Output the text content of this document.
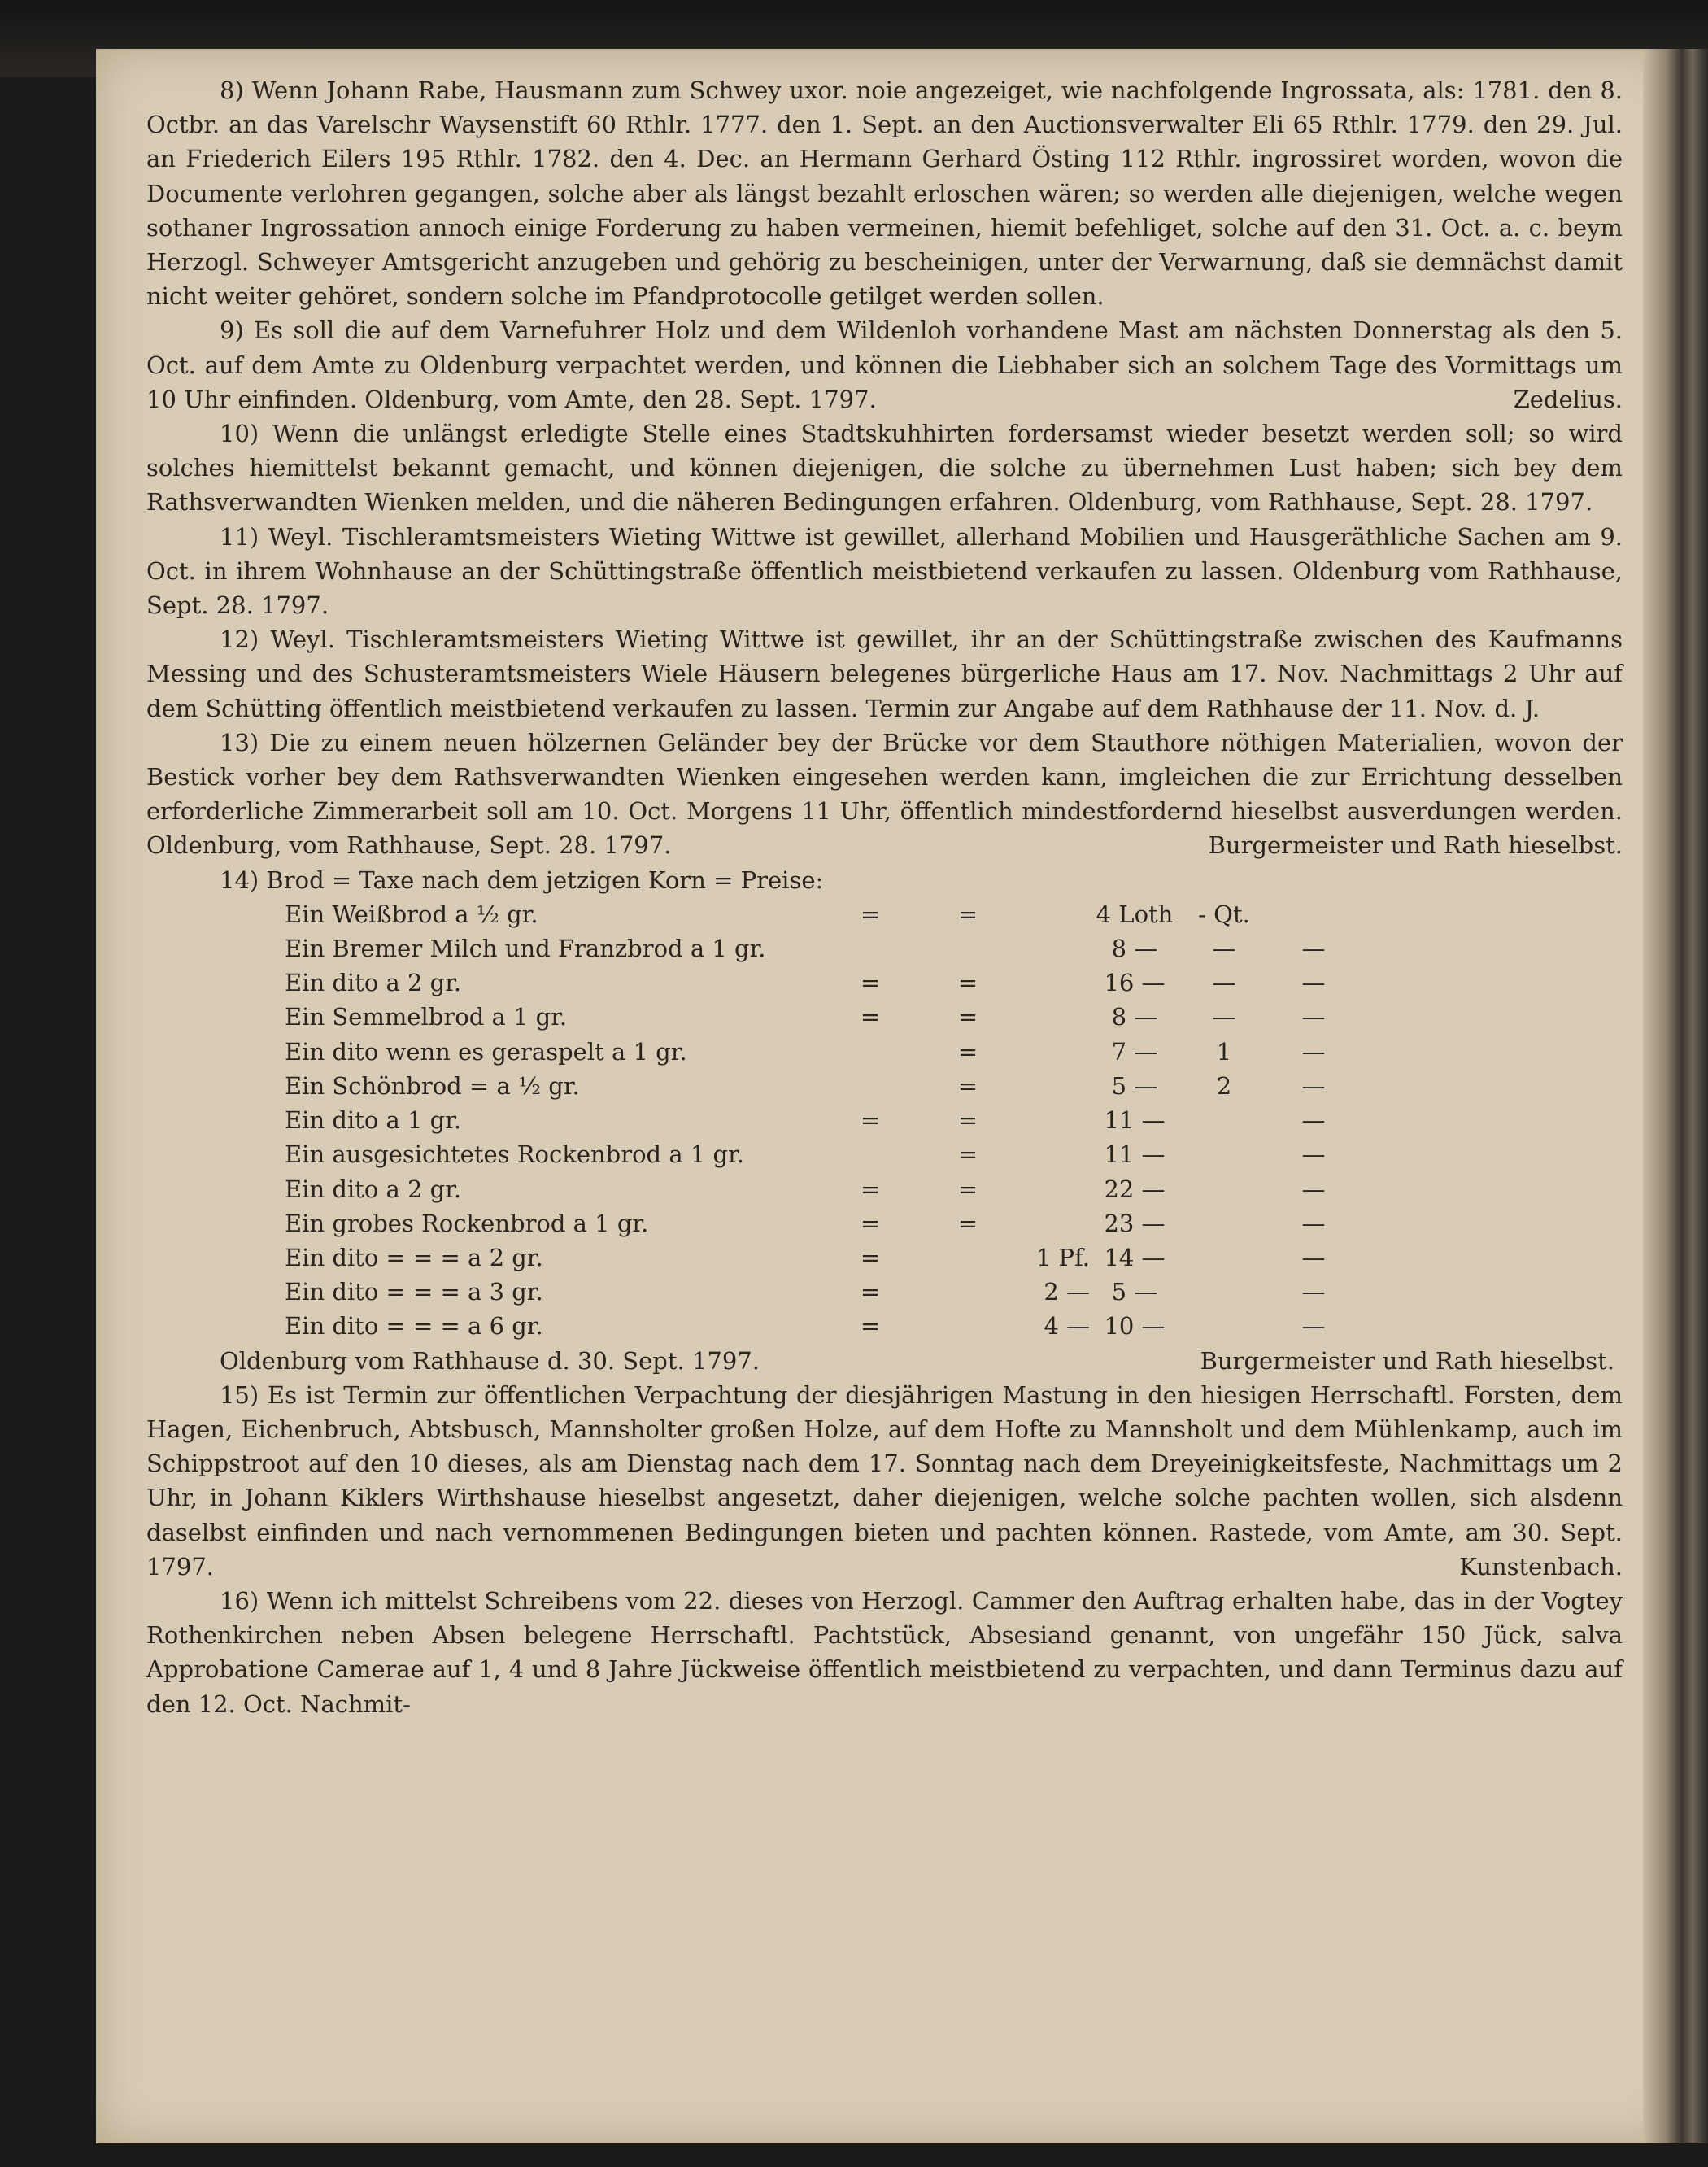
8) Wenn Johann Rabe, Hausmann zum Schwey uxor. noie angezeiget, wie nachfolgende Ingrossata, als: 1781. den 8. Octbr. an das Varelschr Waysenstift 60 Rthlr. 1777. den 1. Sept. an den Auctionsverwalter Eli 65 Rthlr. 1779. den 29. Jul. an Friederich Eilers 195 Rthlr. 1782. den 4. Dec. an Hermann Gerhard Östing 112 Rthlr. ingrossiret worden, wovon die Documente verlohren gegangen, solche aber als längst bezahlt erloschen wären; so werden alle diejenigen, welche wegen sothaner Ingrossation annoch einige Forderung zu haben vermeinen, hiemit befehliget, solche auf den 31. Oct. a. c. beym Herzogl. Schweyer Amtsgericht anzugeben und gehörig zu bescheinigen, unter der Verwarnung, daß sie demnächst damit nicht weiter gehöret, sondern solche im Pfandprotocolle getilget werden sollen.

9) Es soll die auf dem Varnefuhrer Holz und dem Wildenloh vorhandene Mast am nächsten Donnerstag als den 5. Oct. auf dem Amte zu Oldenburg verpachtet werden, und können die Liebhaber sich an solchem Tage des Vormittags um 10 Uhr einfinden. Oldenburg, vom Amte, den 28. Sept. 1797.	Zedelius.

10) Wenn die unlängst erledigte Stelle eines Stadtskuhhirten fordersamst wieder besetzt werden soll; so wird solches hiemittelst bekannt gemacht, und können diejenigen, die solche zu übernehmen Lust haben; sich bey dem Rathsverwandten Wienken melden, und die näheren Bedingungen erfahren. Oldenburg, vom Rathhause, Sept. 28. 1797.

11) Weyl. Tischleramtsmeisters Wieting Wittwe ist gewillet, allerhand Mobilien und Hausgeräthliche Sachen am 9. Oct. in ihrem Wohnhause an der Schüttingstraße öffentlich meistbietend verkaufen zu lassen. Oldenburg vom Rathhause, Sept. 28. 1797.

12) Weyl. Tischleramtsmeisters Wieting Wittwe ist gewillet, ihr an der Schüttingstraße zwischen des Kaufmanns Messing und des Schusteramtsmeisters Wiele Häusern belegenes bürgerliche Haus am 17. Nov. Nachmittags 2 Uhr auf dem Schütting öffentlich meistbietend verkaufen zu lassen. Termin zur Angabe auf dem Rathhause der 11. Nov. d. J.

13) Die zu einem neuen hölzernen Geländer bey der Brücke vor dem Stauthore nöthigen Materialien, wovon der Bestick vorher bey dem Rathsverwandten Wienken eingesehen werden kann, imgleichen die zur Errichtung desselben erforderliche Zimmerarbeit soll am 10. Oct. Morgens 11 Uhr, öffentlich mindestfordernd hieselbst ausverdungen werden. Oldenburg, vom Rathhause, Sept. 28. 1797.	Burgermeister und Rath hieselbst.

14) Brod = Taxe nach dem jetzigen Korn = Preise:

Ein Weißbrod a ½ gr.	=	=		4 Loth	- Qt.	
Ein Bremer Milch und Franzbrod a 1 gr.				8 —	—	—
Ein dito a 2 gr.	=	=		16 —	—	—
Ein Semmelbrod a 1 gr.	=	=		8 —	—	—
Ein dito wenn es geraspelt a 1 gr.		=		7 —	1	—
Ein Schönbrod = a ½ gr.		=		5 —	2	—
Ein dito a 1 gr.	=	=		11 —		—
Ein ausgesichtetes Rockenbrod a 1 gr.		=		11 —		—
Ein dito a 2 gr.	=	=		22 —		—
Ein grobes Rockenbrod a 1 gr.	=	=		23 —		—
Ein dito = = = a 2 gr.	=		1 Pf.	14 —		—
Ein dito = = = a 3 gr.	=		2 —	5 —		—
Ein dito = = = a 6 gr.	=		4 —	10 —		—
Oldenburg vom Rathhause d. 30. Sept. 1797.	Burgermeister und Rath hieselbst.

15) Es ist Termin zur öffentlichen Verpachtung der diesjährigen Mastung in den hiesigen Herrschaftl. Forsten, dem Hagen, Eichenbruch, Abtsbusch, Mannsholter großen Holze, auf dem Hofte zu Mannsholt und dem Mühlenkamp, auch im Schippstroot auf den 10 dieses, als am Dienstag nach dem 17. Sonntag nach dem Dreyeinigkeitsfeste, Nachmittags um 2 Uhr, in Johann Kiklers Wirthshause hieselbst angesetzt, daher diejenigen, welche solche pachten wollen, sich alsdenn daselbst einfinden und nach vernommenen Bedingungen bieten und pachten können. Rastede, vom Amte, am 30. Sept. 1797.	Kunstenbach.

16) Wenn ich mittelst Schreibens vom 22. dieses von Herzogl. Cammer den Auftrag erhalten habe, das in der Vogtey Rothenkirchen neben Absen belegene Herrschaftl. Pachtstück, Absesiand genannt, von ungefähr 150 Jück, salva Approbatione Camerae auf 1, 4 und 8 Jahre Jückweise öffentlich meistbietend zu verpachten, und dann Terminus dazu auf den 12. Oct. Nachmit-
